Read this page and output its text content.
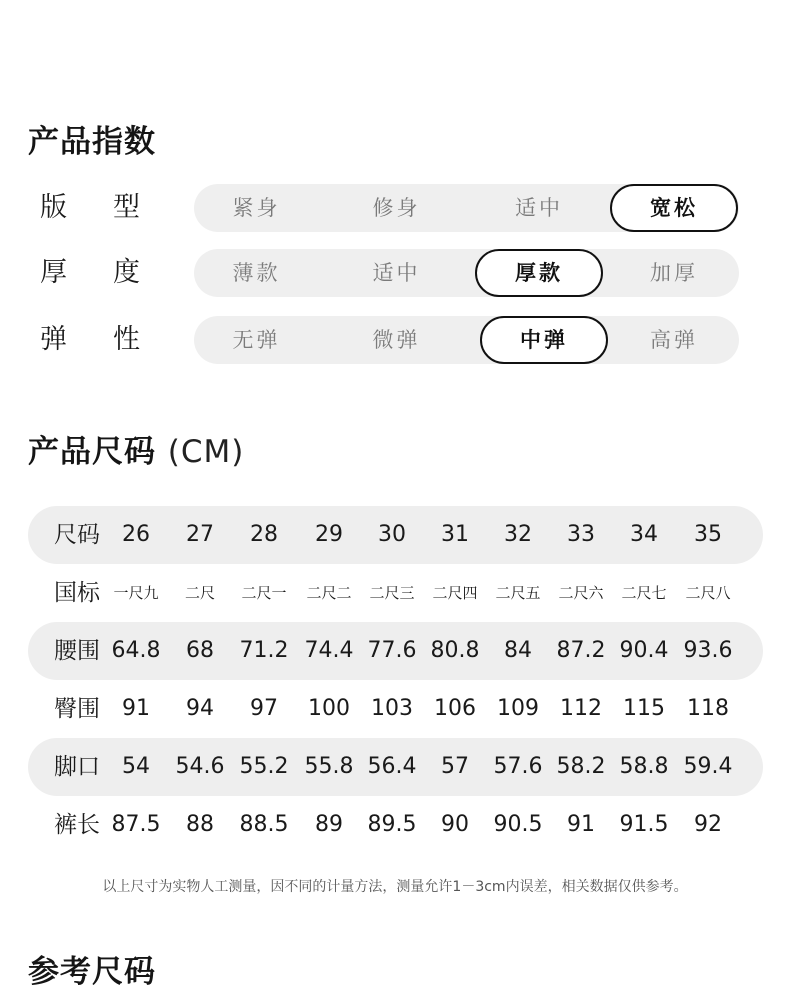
产品指数
版 型	紧身	修身	适中	宽松
厚 度	薄款	适中	厚款	加厚
弹 性	无弹	微弹	中弹	高弹
产品尺码 (CM)
尺码	26	27	28	29	30	31	32	33	34	35
国标 一尺九	二尺	二尺一	二尺二	二尺三	二尺四	二尺五	二尺六	二尺七	二尺八
腰围 64.8	68	71.2 74.4 77.6 80.8	84	87.2 90.4 93.6
臀围	91	94	97	100 103 106 109 112 115	118
脚口	54	54.6 55.2 55.8 56.4	57	57.6 58.2 58.8 59.4
裤长 87.5	88	88.5	89	89.5	90	90.5	91	91.5	92
以上尺寸为实物人工测量，因不同的计量方法，测量允许1－3cm内误差，相关数据仅供参考。
参考尺码
